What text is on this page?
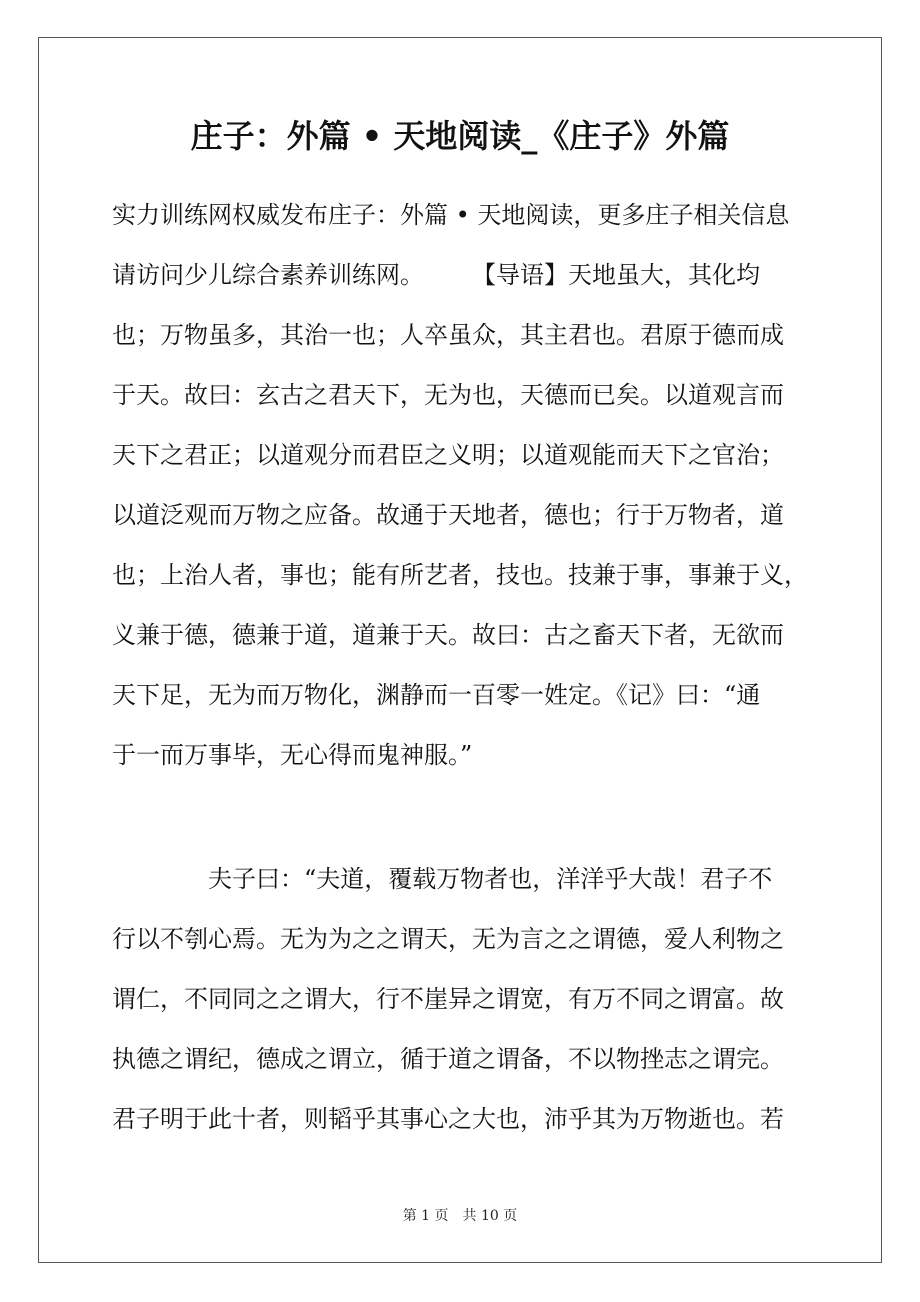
庄子：外篇 • 天地阅读_《庄子》外篇
实力训练网权威发布庄子：外篇 • 天地阅读，更多庄子相关信息
请访问少儿综合素养训练网。　　　【导语】天地虽大，其化均
也；万物虽多，其治一也；人卒虽众，其主君也。君原于德而成
于天。故曰：玄古之君天下，无为也，天德而已矣。以道观言而
天下之君正；以道观分而君臣之义明；以道观能而天下之官治；
以道泛观而万物之应备。故通于天地者，德也；行于万物者，道
也；上治人者，事也；能有所艺者，技也。技兼于事，事兼于义，
义兼于德，德兼于道，道兼于天。故曰：古之畜天下者，无欲而
天下足，无为而万物化，渊静而一百零一姓定。《记》曰：“通
于一而万事毕，无心得而鬼神服。”
　　　　夫子曰：“夫道，覆载万物者也，洋洋乎大哉！君子不
行以不刳心焉。无为为之之谓天，无为言之之谓德，爱人利物之
谓仁，不同同之之谓大，行不崖异之谓宽，有万不同之谓富。故
执德之谓纪，德成之谓立，循于道之谓备，不以物挫志之谓完。
君子明于此十者，则韬乎其事心之大也，沛乎其为万物逝也。若
第 1 页　共 10 页
